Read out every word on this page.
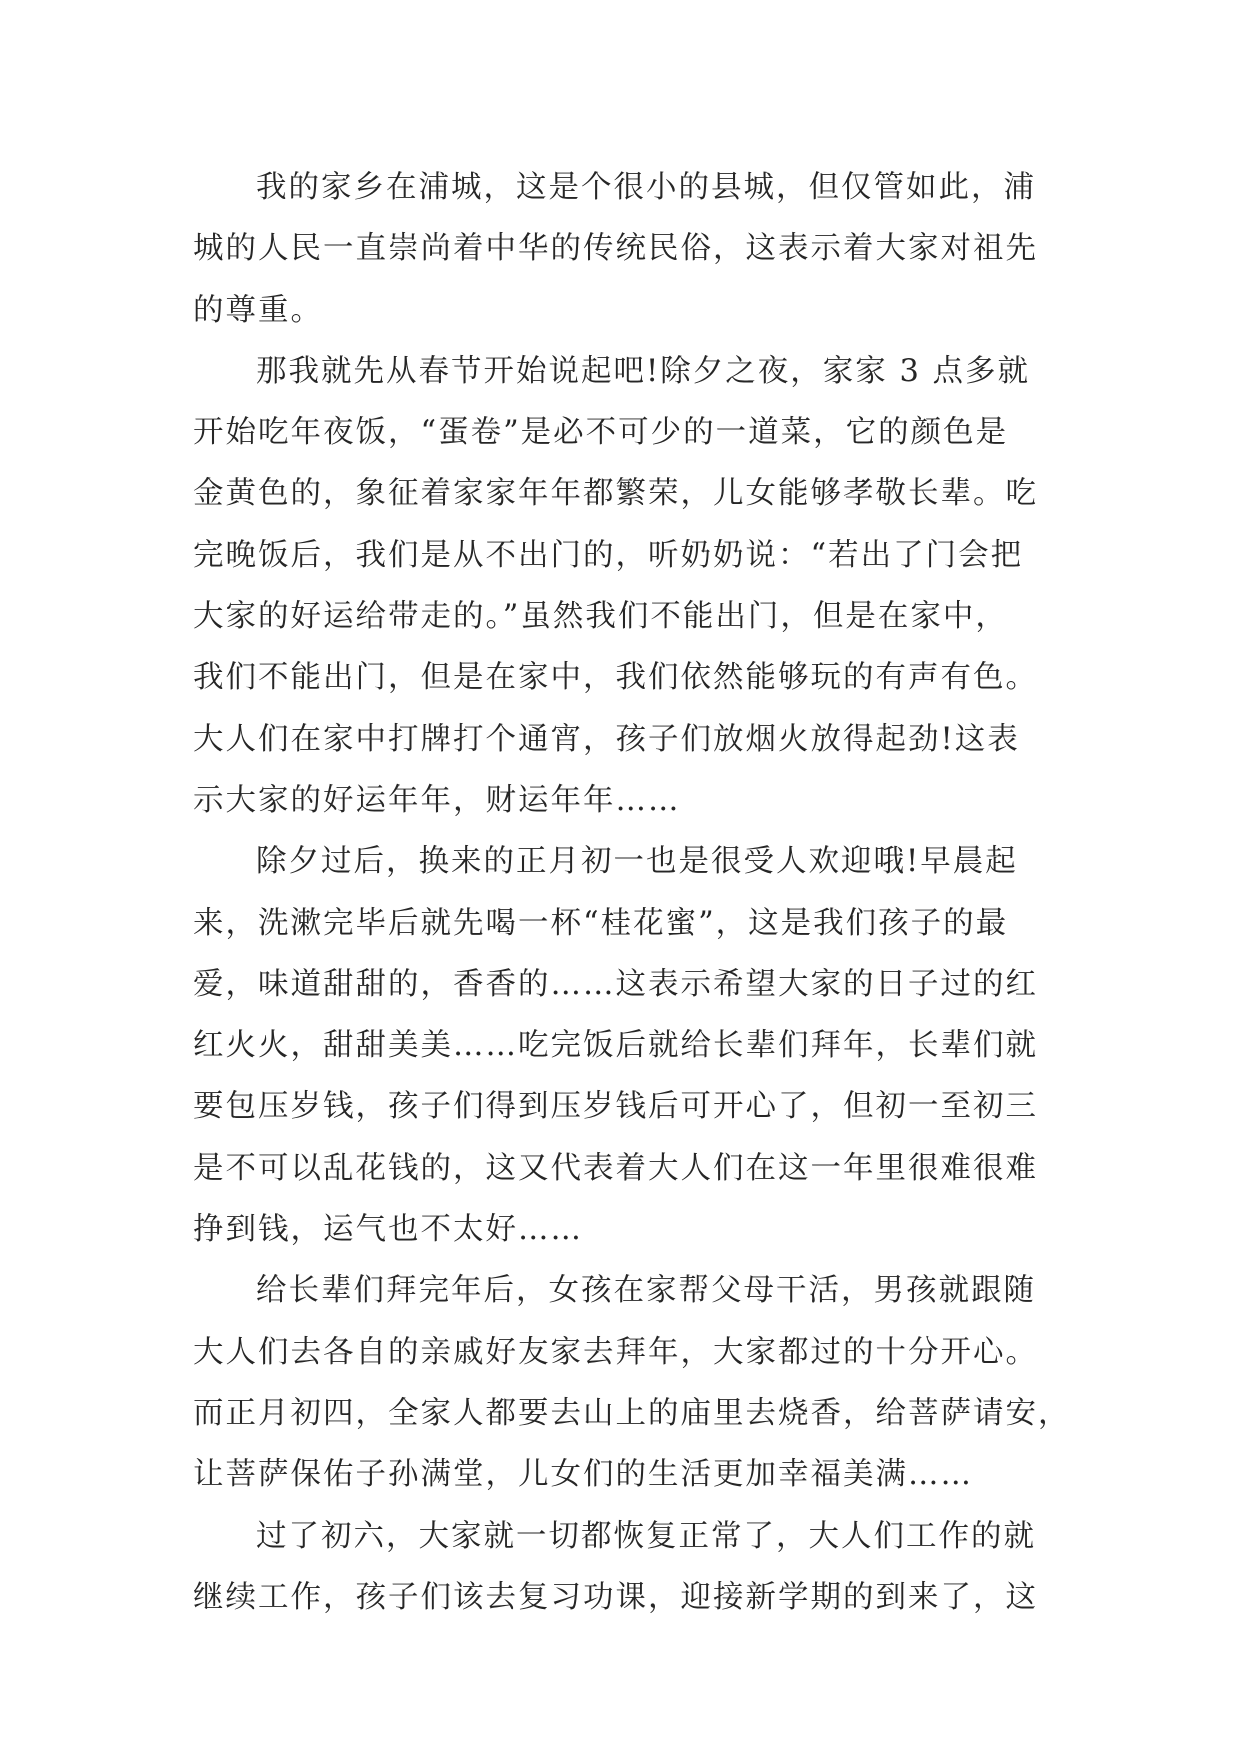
我的家乡在浦城，这是个很小的县城，但仅管如此，浦
城的人民一直崇尚着中华的传统民俗，这表示着大家对祖先
的尊重。
那我就先从春节开始说起吧!除夕之夜，家家 3 点多就
开始吃年夜饭，“蛋卷”是必不可少的一道菜，它的颜色是
金黄色的，象征着家家年年都繁荣，儿女能够孝敬长辈。吃
完晚饭后，我们是从不出门的，听奶奶说：“若出了门会把
大家的好运给带走的。”虽然我们不能出门，但是在家中，
我们不能出门，但是在家中，我们依然能够玩的有声有色。
大人们在家中打牌打个通宵，孩子们放烟火放得起劲!这表
示大家的好运年年，财运年年……
除夕过后，换来的正月初一也是很受人欢迎哦!早晨起
来，洗漱完毕后就先喝一杯“桂花蜜”，这是我们孩子的最
爱，味道甜甜的，香香的……这表示希望大家的日子过的红
红火火，甜甜美美……吃完饭后就给长辈们拜年，长辈们就
要包压岁钱，孩子们得到压岁钱后可开心了，但初一至初三
是不可以乱花钱的，这又代表着大人们在这一年里很难很难
挣到钱，运气也不太好……
给长辈们拜完年后，女孩在家帮父母干活，男孩就跟随
大人们去各自的亲戚好友家去拜年，大家都过的十分开心。
而正月初四，全家人都要去山上的庙里去烧香，给菩萨请安，
让菩萨保佑子孙满堂，儿女们的生活更加幸福美满……
过了初六，大家就一切都恢复正常了，大人们工作的就
继续工作，孩子们该去复习功课，迎接新学期的到来了，这
